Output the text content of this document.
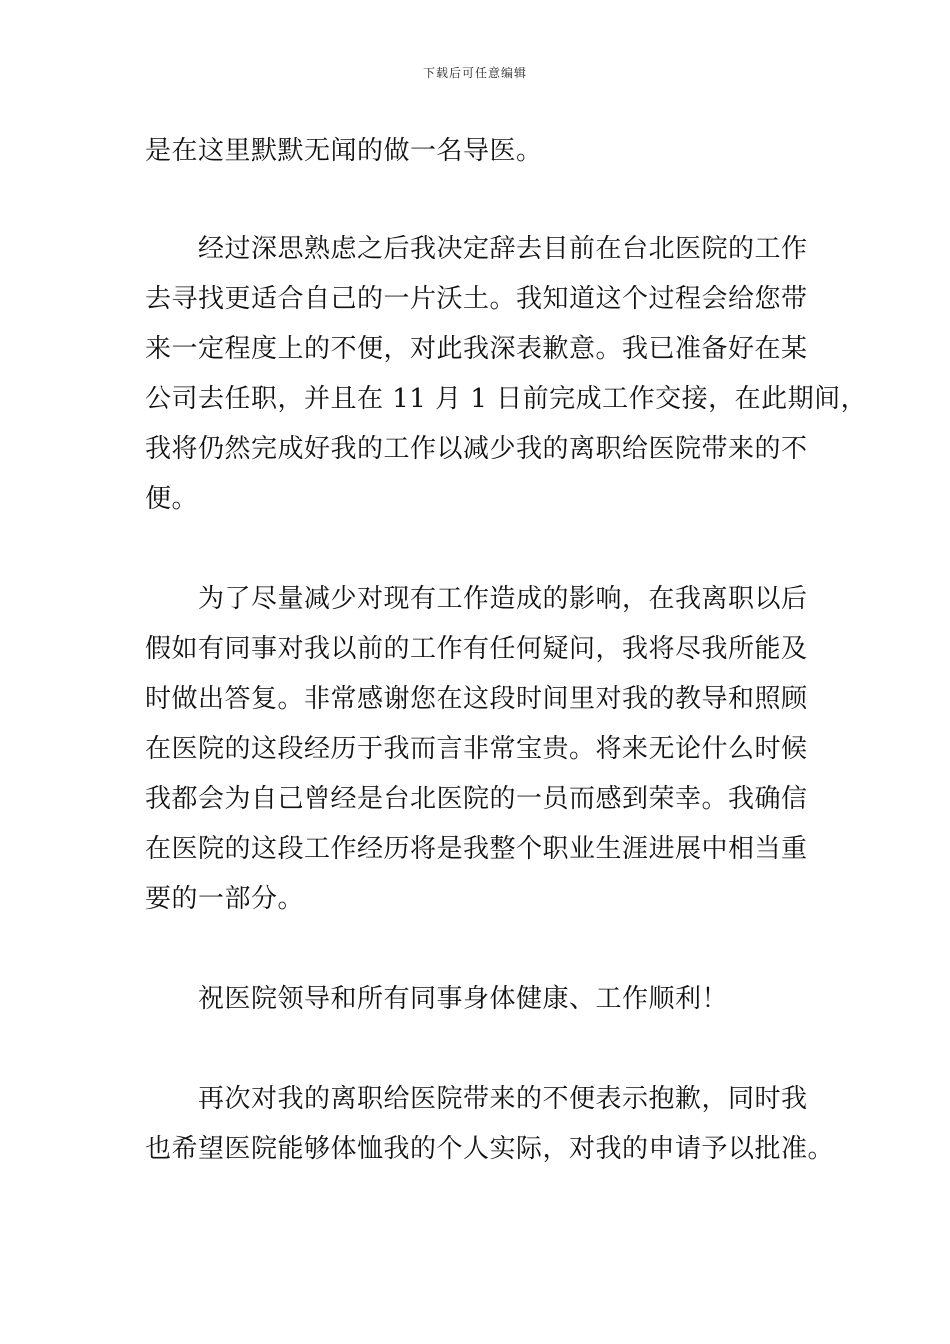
下载后可任意编辑
是在这里默默无闻的做一名导医。
经过深思熟虑之后我决定辞去目前在台北医院的工作
去寻找更适合自己的一片沃土。我知道这个过程会给您带
来一定程度上的不便，对此我深表歉意。我已准备好在某
公司去任职，并且在 11 月 1 日前完成工作交接，在此期间，
我将仍然完成好我的工作以减少我的离职给医院带来的不
便。
为了尽量减少对现有工作造成的影响，在我离职以后
假如有同事对我以前的工作有任何疑问，我将尽我所能及
时做出答复。非常感谢您在这段时间里对我的教导和照顾
在医院的这段经历于我而言非常宝贵。将来无论什么时候
我都会为自己曾经是台北医院的一员而感到荣幸。我确信
在医院的这段工作经历将是我整个职业生涯进展中相当重
要的一部分。
祝医院领导和所有同事身体健康、工作顺利！
再次对我的离职给医院带来的不便表示抱歉，同时我
也希望医院能够体恤我的个人实际，对我的申请予以批准。
